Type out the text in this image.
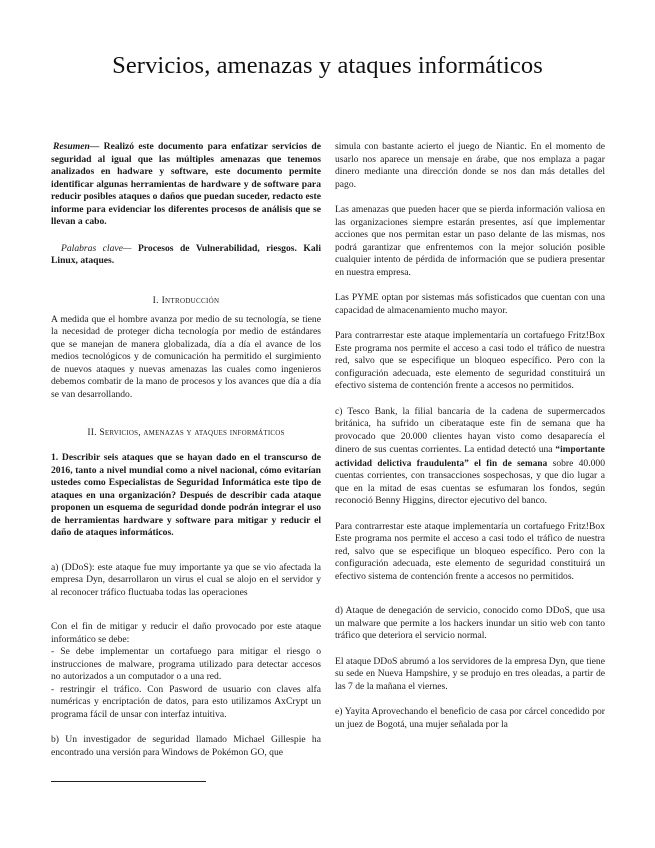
Servicios, amenazas y ataques informáticos

Resumen— Realizó este documento para enfatizar servicios de seguridad al igual que las múltiples amenazas que tenemos analizados en hadware y software, este documento permite identificar algunas herramientas de hardware y de software para reducir posibles ataques o daños que puedan suceder, redacto este informe para evidenciar los diferentes procesos de análisis que se llevan a cabo.

Palabras clave— Procesos de Vulnerabilidad, riesgos. Kali Linux, ataques.

I. Introducción

A medida que el hombre avanza por medio de su tecnología, se tiene la necesidad de proteger dicha tecnología por medio de estándares que se manejan de manera globalizada, día a día el avance de los medios tecnológicos y de comunicación ha permitido el surgimiento de nuevos ataques y nuevas amenazas las cuales como ingenieros debemos combatir de la mano de procesos y los avances que día a día se van desarrollando.

II. Servicios, amenazas y ataques informáticos

1. Describir seis ataques que se hayan dado en el transcurso de 2016, tanto a nivel mundial como a nivel nacional, cómo evitarían ustedes como Especialistas de Seguridad Informática este tipo de ataques en una organización? Después de describir cada ataque proponen un esquema de seguridad donde podrán integrar el uso de herramientas hardware y software para mitigar y reducir el daño de ataques informáticos.

a) (DDoS): este ataque fue muy importante ya que se vio afectada la empresa Dyn, desarrollaron un virus el cual se alojo en el servidor y al reconocer tráfico fluctuaba todas las operaciones

Con el fin de mitigar y reducir el daño provocado por este ataque informático se debe:

- Se debe implementar un cortafuego para mitigar el riesgo o instrucciones de malware, programa utilizado para detectar accesos no autorizados a un computador o a una red.

- restringir el tráfico. Con Pasword de usuario con claves alfa numéricas y encriptación de datos, para esto utilizamos AxCrypt un programa fácil de unsar con interfaz intuitiva.

b) Un investigador de seguridad llamado Michael Gillespie ha encontrado una versión para Windows de Pokémon GO, que

simula con bastante acierto el juego de Niantic. En el momento de usarlo nos aparece un mensaje en árabe, que nos emplaza a pagar dinero mediante una dirección donde se nos dan más detalles del pago.

Las amenazas que pueden hacer que se pierda información valiosa en las organizaciones siempre estarán presentes, así que implementar acciones que nos permitan estar un paso delante de las mismas, nos podrá garantizar que enfrentemos con la mejor solución posible cualquier intento de pérdida de información que se pudiera presentar en nuestra empresa.

Las PYME optan por sistemas más sofisticados que cuentan con una capacidad de almacenamiento mucho mayor.

Para contrarrestar este ataque implementaría un cortafuego Fritz!Box Este programa nos permite el acceso a casi todo el tráfico de nuestra red, salvo que se especifique un bloqueo específico. Pero con la configuración adecuada, este elemento de seguridad constituirá un efectivo sistema de contención frente a accesos no permitidos.

c) Tesco Bank, la filial bancaria de la cadena de supermercados británica, ha sufrido un ciberataque este fin de semana que ha provocado que 20.000 clientes hayan visto como desaparecía el dinero de sus cuentas corrientes. La entidad detectó una “importante actividad delictiva fraudulenta” el fin de semana sobre 40.000 cuentas corrientes, con transacciones sospechosas, y que dio lugar a que en la mitad de esas cuentas se esfumaran los fondos, según reconoció Benny Higgins, director ejecutivo del banco.

Para contrarrestar este ataque implementaría un cortafuego Fritz!Box Este programa nos permite el acceso a casi todo el tráfico de nuestra red, salvo que se especifique un bloqueo específico. Pero con la configuración adecuada, este elemento de seguridad constituirá un efectivo sistema de contención frente a accesos no permitidos.

d) Ataque de denegación de servicio, conocido como DDoS, que usa un malware que permite a los hackers inundar un sitio web con tanto tráfico que deteriora el servicio normal.

El ataque DDoS abrumó a los servidores de la empresa Dyn, que tiene su sede en Nueva Hampshire, y se produjo en tres oleadas, a partir de las 7 de la mañana el viernes.

e) Yayita Aprovechando el beneficio de casa por cárcel concedido por un juez de Bogotá, una mujer señalada por la
